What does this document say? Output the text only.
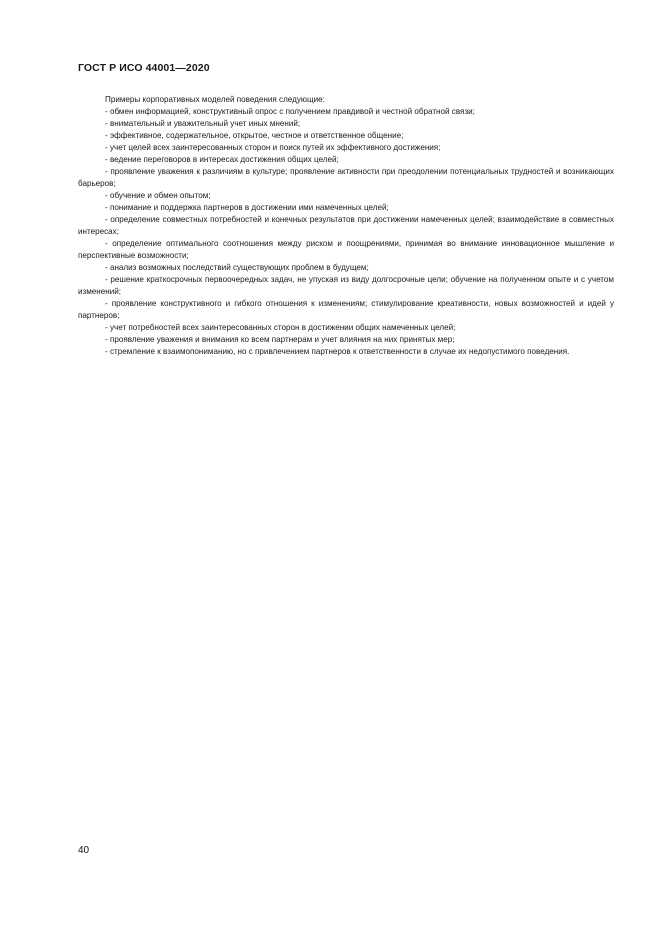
ГОСТ Р ИСО 44001—2020

Примеры корпоративных моделей поведения следующие:

- обмен информацией, конструктивный опрос с получением правдивой и честной обратной связи;

- внимательный и уважительный учет иных мнений;

- эффективное, содержательное, открытое, честное и ответственное общение;

- учет целей всех заинтересованных сторон и поиск путей их эффективного достижения;

- ведение переговоров в интересах достижения общих целей;

- проявление уважения к различиям в культуре; проявление активности при преодолении потенциальных трудностей и возникающих барьеров;

- обучение и обмен опытом;

- понимание и поддержка партнеров в достижении ими намеченных целей;

- определение совместных потребностей и конечных результатов при достижении намеченных целей; взаимодействие в совместных интересах;

- определение оптимального соотношения между риском и поощрениями, принимая во внимание инновационное мышление и перспективные возможности;

- анализ возможных последствий существующих проблем в будущем;

- решение краткосрочных первоочередных задач, не упуская из виду долгосрочные цели; обучение на полученном опыте и с учетом изменений;

- проявление конструктивного и гибкого отношения к изменениям; стимулирование креативности, новых возможностей и идей у партнеров;

- учет потребностей всех заинтересованных сторон в достижении общих намеченных целей;

- проявление уважения и внимания ко всем партнерам и учет влияния на них принятых мер;

- стремление к взаимопониманию, но с привлечением партнеров к ответственности в случае их недопустимого поведения.

40
